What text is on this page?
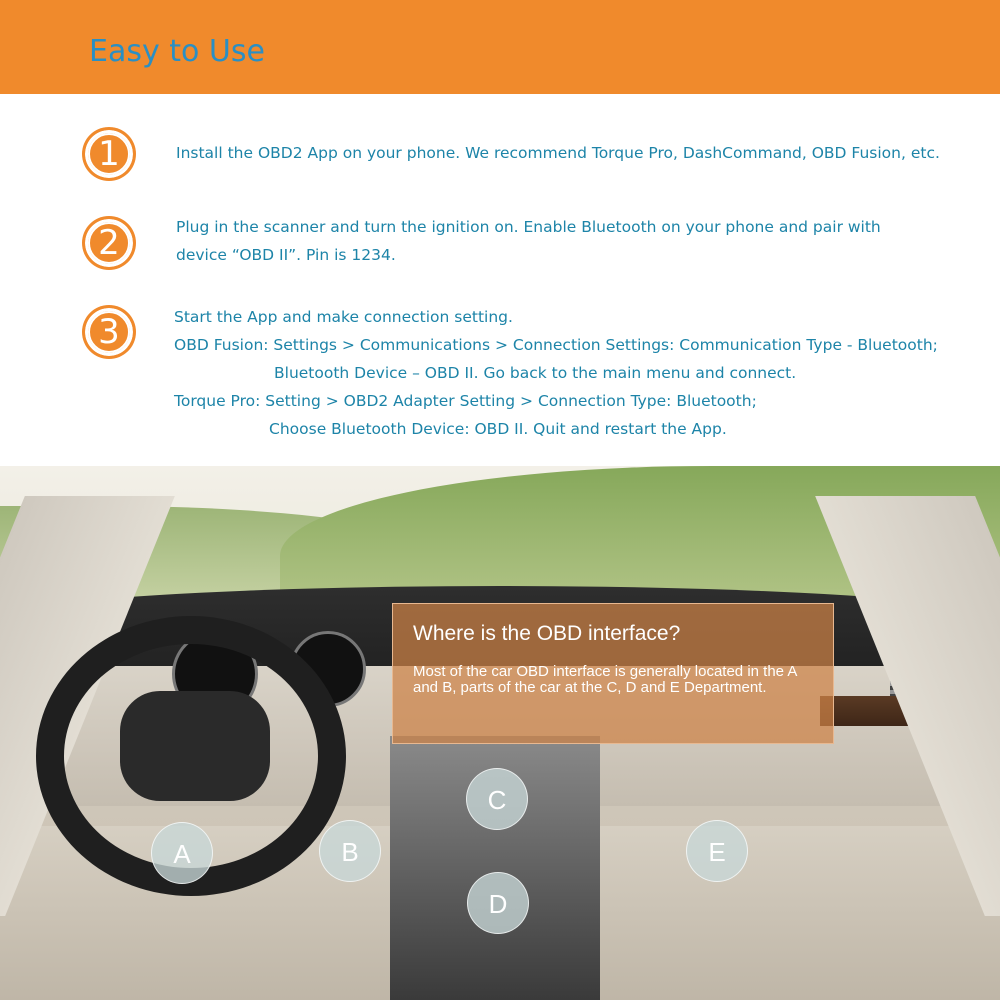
Easy to Use
1	Install the OBD2 App on your phone. We recommend Torque Pro, DashCommand, OBD Fusion, etc.
2	Plug in the scanner and turn the ignition on. Enable Bluetooth on your phone and pair with
device “OBD II”. Pin is 1234.
3	Start the App and make connection setting.
OBD Fusion: Settings > Communications > Connection Settings: Communication Type - Bluetooth;
Bluetooth Device – OBD II. Go back to the main menu and connect.
Torque Pro: Setting > OBD2 Adapter Setting > Connection Type: Bluetooth;
Choose Bluetooth Device: OBD II. Quit and restart the App.
Where is the OBD interface?

Most of the car OBD interface is generally located in the A and B, parts of the car at the C, D and E Department.

A	B
C
D
E
